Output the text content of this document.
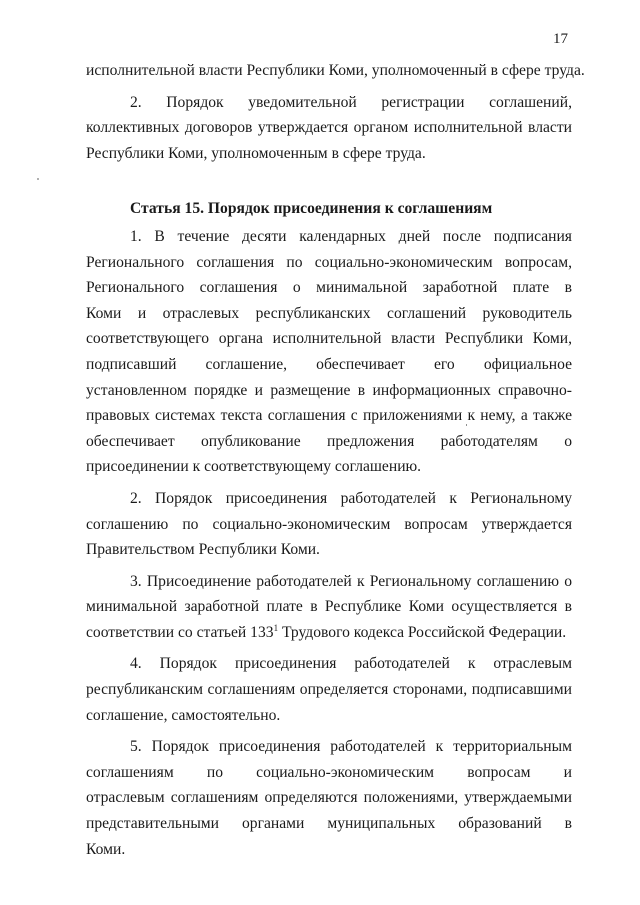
17
исполнительной власти Республики Коми, уполномоченный в сфере труда.
2. Порядок уведомительной регистрации соглашений,
коллективных договоров утверждается органом исполнительной власти
Республики Коми, уполномоченным в сфере труда.
Статья 15. Порядок присоединения к соглашениям
1. В течение десяти календарных дней после подписания
Регионального соглашения по социально-экономическим вопросам,
Регионального соглашения о минимальной заработной плате в
Коми и отраслевых республиканских соглашений руководитель
соответствующего органа исполнительной власти Республики Коми,
подписавший соглашение, обеспечивает его официальное
установленном порядке и размещение в информационных справочно-
правовых системах текста соглашения с приложениями к нему, а также
обеспечивает опубликование предложения работодателям о
присоединении к соответствующему соглашению.
2. Порядок присоединения работодателей к Региональному
соглашению по социально-экономическим вопросам утверждается
Правительством Республики Коми.
3. Присоединение работодателей к Региональному соглашению о
минимальной заработной плате в Республике Коми осуществляется в
соответствии со статьей $133^1$ Трудового кодекса Российской Федерации.
4. Порядок присоединения работодателей к отраслевым
республиканским соглашениям определяется сторонами, подписавшими
соглашение, самостоятельно.
5. Порядок присоединения работодателей к территориальным
соглашениям по социально-экономическим вопросам и
отраслевым соглашениям определяются положениями, утверждаемыми
представительными органами муниципальных образований в
Коми.
